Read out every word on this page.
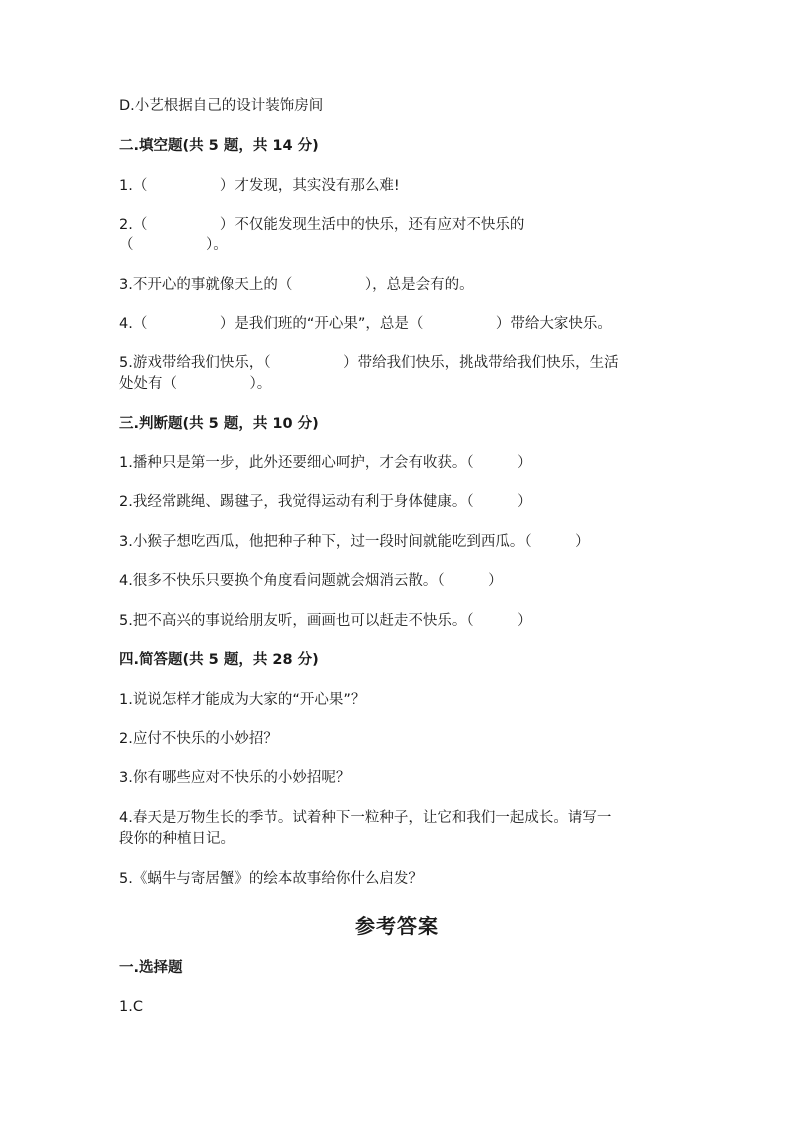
D.小艺根据自己的设计装饰房间
二.填空题(共 5 题，共 14 分)
1.（　　　　　）才发现，其实没有那么难!
2.（　　　　　）不仅能发现生活中的快乐，还有应对不快乐的
（　　　　　）。
3.不开心的事就像天上的（　　　　　），总是会有的。
4.（　　　　　）是我们班的“开心果”，总是（　　　　　）带给大家快乐。
5.游戏带给我们快乐，（　　　　　）带给我们快乐，挑战带给我们快乐，生活
处处有（　　　　　）。
三.判断题(共 5 题，共 10 分)
1.播种只是第一步，此外还要细心呵护，才会有收获。（　　　）
2.我经常跳绳、踢毽子，我觉得运动有利于身体健康。（　　　）
3.小猴子想吃西瓜，他把种子种下，过一段时间就能吃到西瓜。（　　　）
4.很多不快乐只要换个角度看问题就会烟消云散。（　　　）
5.把不高兴的事说给朋友听，画画也可以赶走不快乐。（　　　）
四.简答题(共 5 题，共 28 分)
1.说说怎样才能成为大家的“开心果”？
2.应付不快乐的小妙招？
3.你有哪些应对不快乐的小妙招呢？
4.春天是万物生长的季节。试着种下一粒种子，让它和我们一起成长。请写一
段你的种植日记。
5.《蜗牛与寄居蟹》的绘本故事给你什么启发？
参考答案
一.选择题
1.C
